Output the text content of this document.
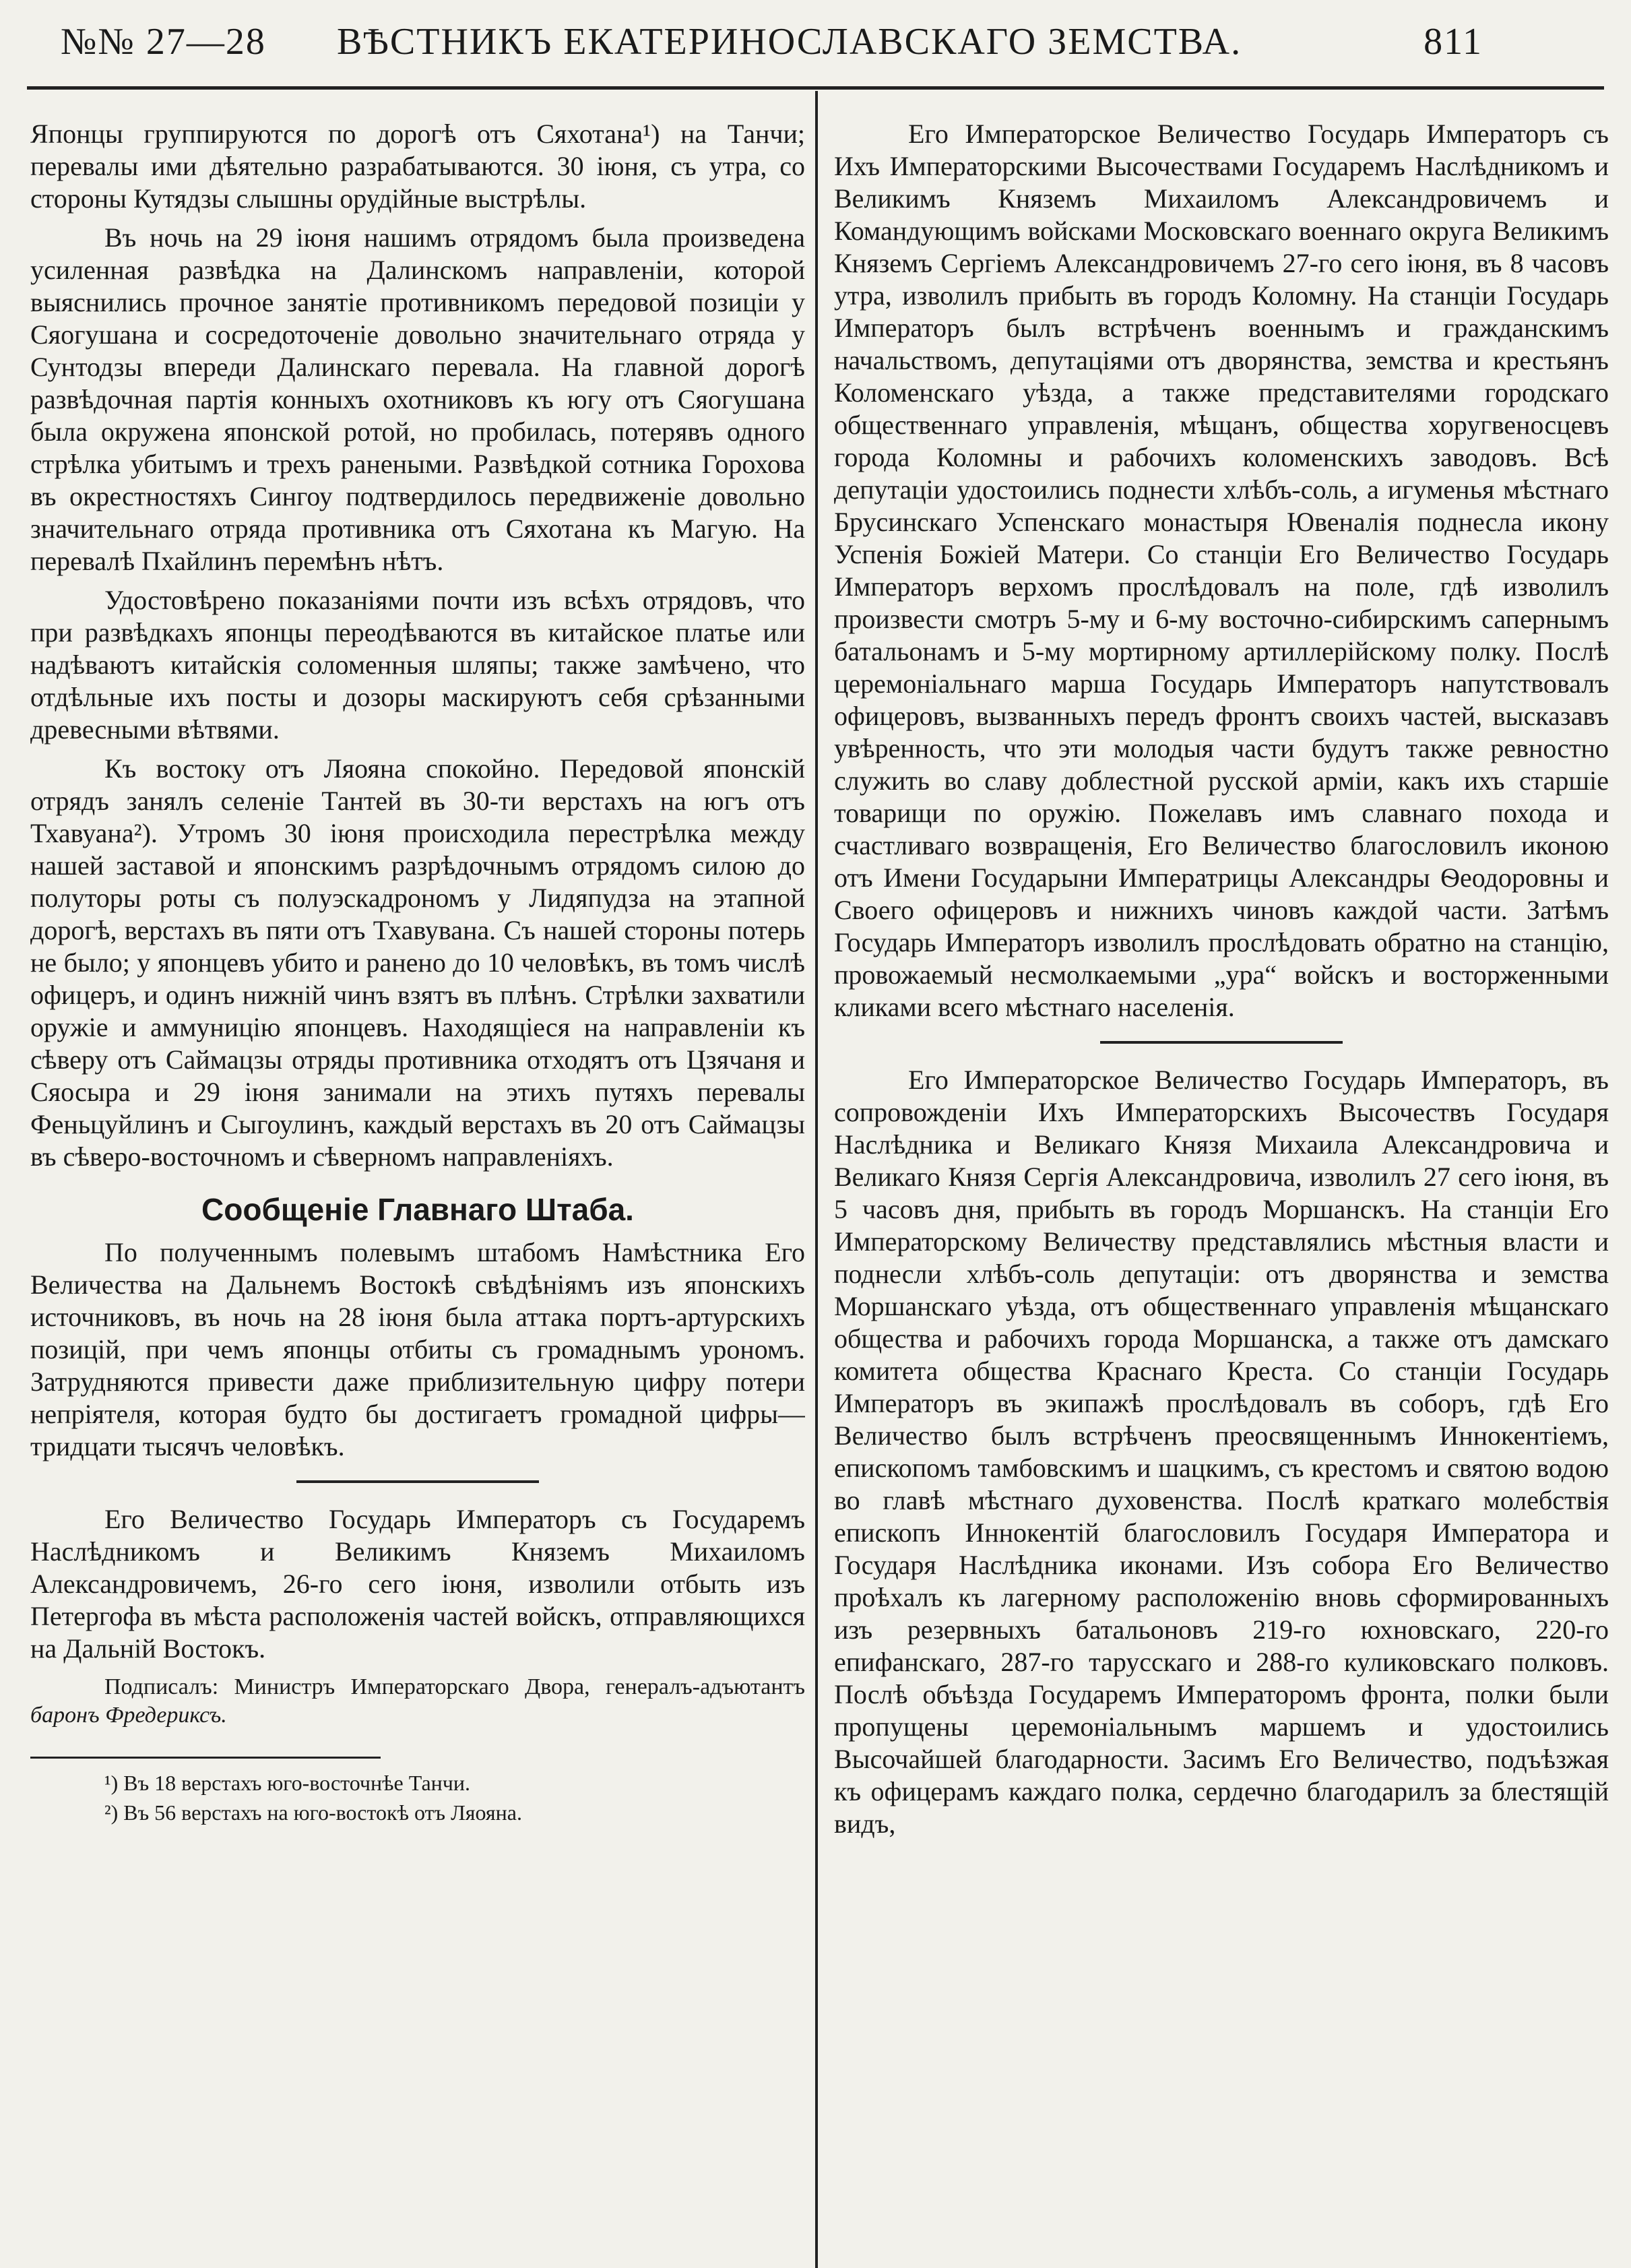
№№ 27—28 ВѢСТНИКЪ ЕКАТЕРИНОСЛАВСКАГО ЗЕМСТВА.	811

Японцы группируются по дорогѣ отъ Сяхотана¹) на Танчи; перевалы ими дѣятельно разрабатываются. 30 іюня, съ утра, со стороны Кутядзы слышны орудійные выстрѣлы.

Въ ночь на 29 іюня нашимъ отрядомъ была произведена усиленная развѣдка на Далинскомъ направленіи, которой выяснились прочное занятіе противникомъ передовой позиціи у Сяогушана и сосредоточеніе довольно значительнаго отряда у Сунтодзы впереди Далинскаго перевала. На главной дорогѣ развѣдочная партія конныхъ охотниковъ къ югу отъ Сяогушана была окружена японской ротой, но пробилась, потерявъ одного стрѣлка убитымъ и трехъ ранеными. Развѣдкой сотника Горохова въ окрестностяхъ Сингоу подтвердилось передвиженіе довольно значительнаго отряда противника отъ Сяхотана къ Магую. На перевалѣ Пхайлинъ перемѣнъ нѣтъ.

Удостовѣрено показаніями почти изъ всѣхъ отрядовъ, что при развѣдкахъ японцы переодѣваются въ китайское платье или надѣваютъ китайскія соломенныя шляпы; также замѣчено, что отдѣльные ихъ посты и дозоры маскируютъ себя срѣзанными древесными вѣтвями.

Къ востоку отъ Ляояна спокойно. Передовой японскій отрядъ занялъ селеніе Тантей въ 30-ти верстахъ на югъ отъ Тхавуана²). Утромъ 30 іюня происходила перестрѣлка между нашей заставой и японскимъ разрѣдочнымъ отрядомъ силою до полуторы роты съ полуэскадрономъ у Лидяпудза на этапной дорогѣ, верстахъ въ пяти отъ Тхавувана. Съ нашей стороны потерь не было; у японцевъ убито и ранено до 10 человѣкъ, въ томъ числѣ офицеръ, и одинъ нижній чинъ взятъ въ плѣнъ. Стрѣлки захватили оружіе и аммуницію японцевъ. Находящіеся на направленіи къ сѣверу отъ Саймацзы отряды противника отходятъ отъ Цзячаня и Сяосыра и 29 іюня занимали на этихъ путяхъ перевалы Феньцуйлинъ и Сыгоулинъ, каждый верстахъ въ 20 отъ Саймацзы въ сѣверо-восточномъ и сѣверномъ направленіяхъ.

Сообщеніе Главнаго Штаба.

По полученнымъ полевымъ штабомъ Намѣстника Его Величества на Дальнемъ Востокѣ свѣдѣніямъ изъ японскихъ источниковъ, въ ночь на 28 іюня была аттака портъ-артурскихъ позицій, при чемъ японцы отбиты съ громаднымъ урономъ. Затрудняются привести даже приблизительную цифру потери непріятеля, которая будто бы достигаетъ громадной цифры—тридцати тысячъ человѣкъ.

Его Величество Государь Императоръ съ Государемъ Наслѣдникомъ и Великимъ Княземъ Михаиломъ Александровичемъ, 26-го сего іюня, изволили отбыть изъ Петергофа въ мѣста расположенія частей войскъ, отправляющихся на Дальній Востокъ.

Подписалъ: Министръ Императорскаго Двора, генералъ-адъютантъ баронъ Фредериксъ.

¹) Въ 18 верстахъ юго-восточнѣе Танчи.

²) Въ 56 верстахъ на юго-востокѣ отъ Ляояна.

Его Императорское Величество Государь Императоръ съ Ихъ Императорскими Высочествами Государемъ Наслѣдникомъ и Великимъ Княземъ Михаиломъ Александровичемъ и Командующимъ войсками Московскаго военнаго округа Великимъ Княземъ Сергіемъ Александровичемъ 27-го сего іюня, въ 8 часовъ утра, изволилъ прибыть въ городъ Коломну. На станціи Государь Императоръ былъ встрѣченъ военнымъ и гражданскимъ начальствомъ, депутаціями отъ дворянства, земства и крестьянъ Коломенскаго уѣзда, а также представителями городскаго общественнаго управленія, мѣщанъ, общества хоругвеносцевъ города Коломны и рабочихъ коломенскихъ заводовъ. Всѣ депутаціи удостоились поднести хлѣбъ-соль, а игуменья мѣстнаго Брусинскаго Успенскаго монастыря Ювеналія поднесла икону Успенія Божіей Матери. Со станціи Его Величество Государь Императоръ верхомъ прослѣдовалъ на поле, гдѣ изволилъ произвести смотръ 5-му и 6-му восточно-сибирскимъ сапернымъ батальонамъ и 5-му мортирному артиллерійскому полку. Послѣ церемоніальнаго марша Государь Императоръ напутствовалъ офицеровъ, вызванныхъ передъ фронтъ своихъ частей, высказавъ увѣренность, что эти молодыя части будутъ также ревностно служить во славу доблестной русской арміи, какъ ихъ старшіе товарищи по оружію. Пожелавъ имъ славнаго похода и счастливаго возвращенія, Его Величество благословилъ иконою отъ Имени Государыни Императрицы Александры Ѳеодоровны и Своего офицеровъ и нижнихъ чиновъ каждой части. Затѣмъ Государь Императоръ изволилъ прослѣдовать обратно на станцію, провожаемый несмолкаемыми „ура“ войскъ и восторженными кликами всего мѣстнаго населенія.

Его Императорское Величество Государь Императоръ, въ сопровожденіи Ихъ Императорскихъ Высочествъ Государя Наслѣдника и Великаго Князя Михаила Александровича и Великаго Князя Сергія Александровича, изволилъ 27 сего іюня, въ 5 часовъ дня, прибыть въ городъ Моршанскъ. На станціи Его Императорскому Величеству представлялись мѣстныя власти и поднесли хлѣбъ-соль депутаціи: отъ дворянства и земства Моршанскаго уѣзда, отъ общественнаго управленія мѣщанскаго общества и рабочихъ города Моршанска, а также отъ дамскаго комитета общества Краснаго Креста. Со станціи Государь Императоръ въ экипажѣ прослѣдовалъ въ соборъ, гдѣ Его Величество былъ встрѣченъ преосвященнымъ Иннокентіемъ, епископомъ тамбовскимъ и шацкимъ, съ крестомъ и святою водою во главѣ мѣстнаго духовенства. Послѣ краткаго молебствія епископъ Иннокентій благословилъ Государя Императора и Государя Наслѣдника иконами. Изъ собора Его Величество проѣхалъ къ лагерному расположенію вновь сформированныхъ изъ резервныхъ батальоновъ 219-го юхновскаго, 220-го епифанскаго, 287-го тарусскаго и 288-го куликовскаго полковъ. Послѣ объѣзда Государемъ Императоромъ фронта, полки были пропущены церемоніальнымъ маршемъ и удостоились Высочайшей благодарности. Засимъ Его Величество, подъѣзжая къ офицерамъ каждаго полка, сердечно благодарилъ за блестящій видъ,
